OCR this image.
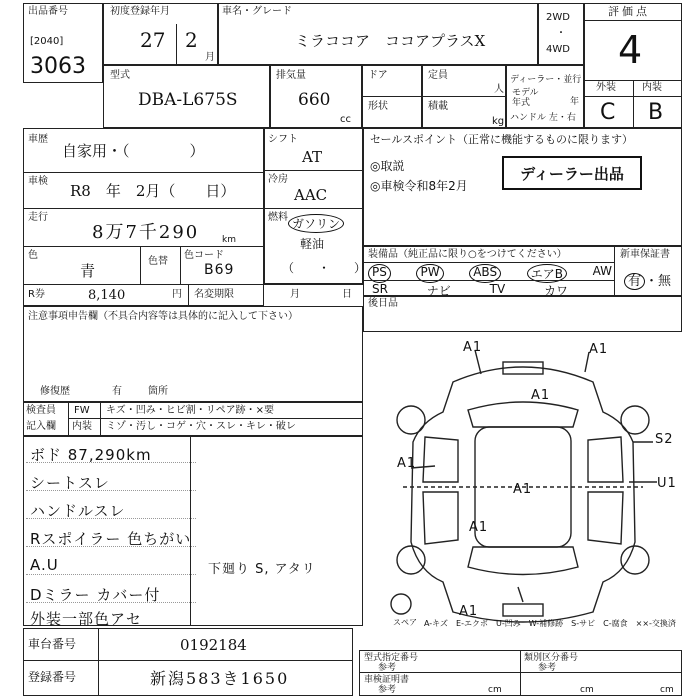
出品番号
[2040]
3063
初度登録年月
27 2
月
車名・グレード
ミラココア　ココアプラスX
2WD
・
4WD
評価点
4
型式
DBA-L675S
排気量
660
cc
ドア
形状
定員
人
積載
kg
ディーラー・並行
モデル年式	年
ハンドル 左・右
外装	内装
C B
車歴
自家用・（　　　　）
車検
R8　年　2月（　　日）
走行
8万7千290	km
色
青
色替
色コード
B69
R券	8,140	円 名変期限	月	日
シフト
AT
冷房
AAC
燃料 ガソリン
軽油
（　　・　　）
セールスポイント（正常に機能するものに限ります）
◎取説
◎車検令和8年2月
ディーラー出品
装備品（純正品に限り○をつけてください）	新車保証書
有 ・無
PS	PW	ABS	エアB	AW
SR	ナビ	TV	カワ
後日品
注意事項申告欄（不具合内容等は具体的に記入して下さい）
修復歴	有	箇所
検査員
記入欄
FW
内装
キズ・凹み・ヒビ割・リペア跡・×要
ミゾ・汚し・コゲ・穴・スレ・キレ・破レ
ボド 87,290km
シートスレ
ハンドルスレ
Rスポイラー 色ちがい
A.U
Dミラー カバー付
外装一部色アセ
下廻り S, アタリ
A1	A1
A1
A1
A1
A1
A1
S2
U1
スペア A-キズ　E-エクボ　U-凹み　W-補修跡　S-サビ　C-腐食　××-交換済
車台番号	0192184
登録番号	新潟583き1650
型式指定番号
参考
類別区分番号
参考
車検証明書
参考	cm	cm	cm
